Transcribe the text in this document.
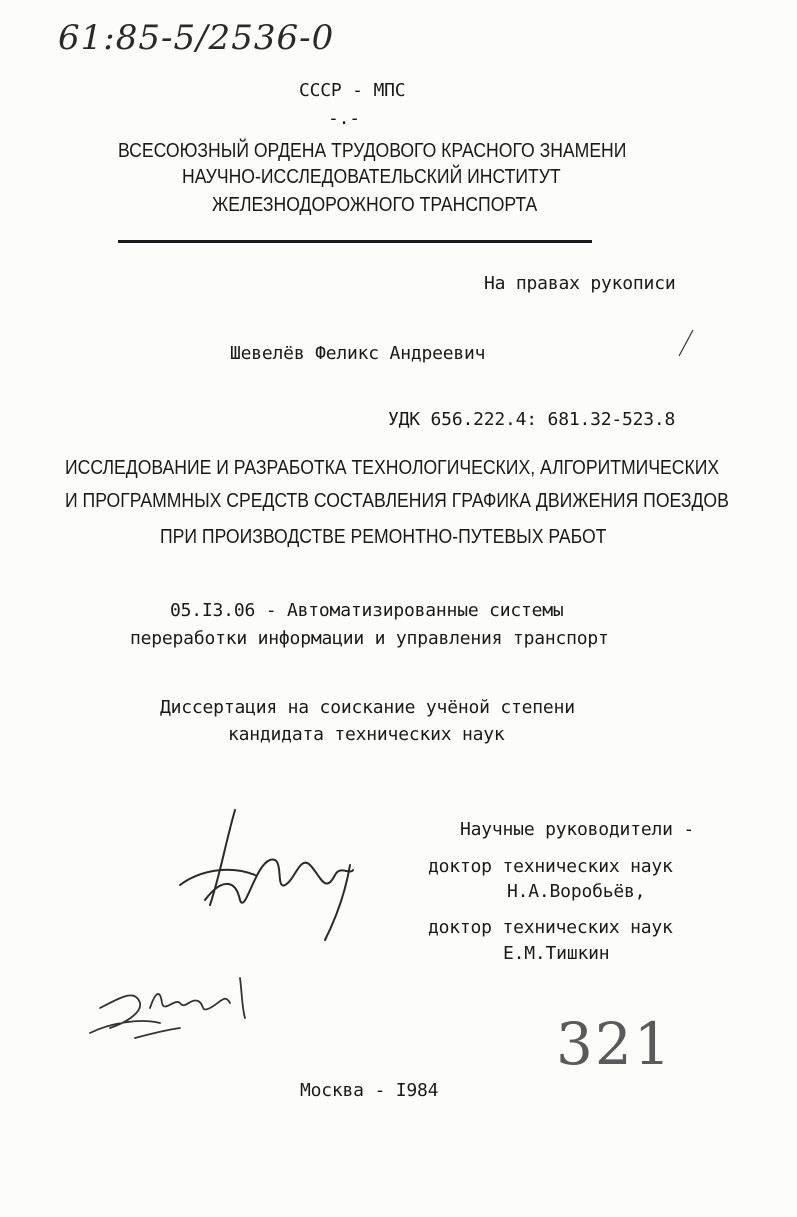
61:85-5/2536-0
СССР - МПС
-.-
ВСЕСОЮЗНЫЙ ОРДЕНА ТРУДОВОГО КРАСНОГО ЗНАМЕНИ
НАУЧНО-ИССЛЕДОВАТЕЛЬСКИЙ ИНСТИТУТ
ЖЕЛЕЗНОДОРОЖНОГО ТРАНСПОРТА
На правах рукописи
Шевелёв Феликс Андреевич
УДК 656.222.4: 681.32-523.8
ИССЛЕДОВАНИЕ И РАЗРАБОТКА ТЕХНОЛОГИЧЕСКИХ, АЛГОРИТМИЧЕСКИХ
И ПРОГРАММНЫХ СРЕДСТВ СОСТАВЛЕНИЯ ГРАФИКА ДВИЖЕНИЯ ПОЕЗДОВ
ПРИ ПРОИЗВОДСТВЕ РЕМОНТНО-ПУТЕВЫХ РАБОТ
05.I3.06 - Автоматизированные системы
переработки информации и управления транспорт
Диссертация на соискание учёной степени
кандидата технических наук
Научные руководители -
доктор технических наук
Н.А.Воробьёв,
доктор технических наук
Е.М.Тишкин
321
Москва - I984
